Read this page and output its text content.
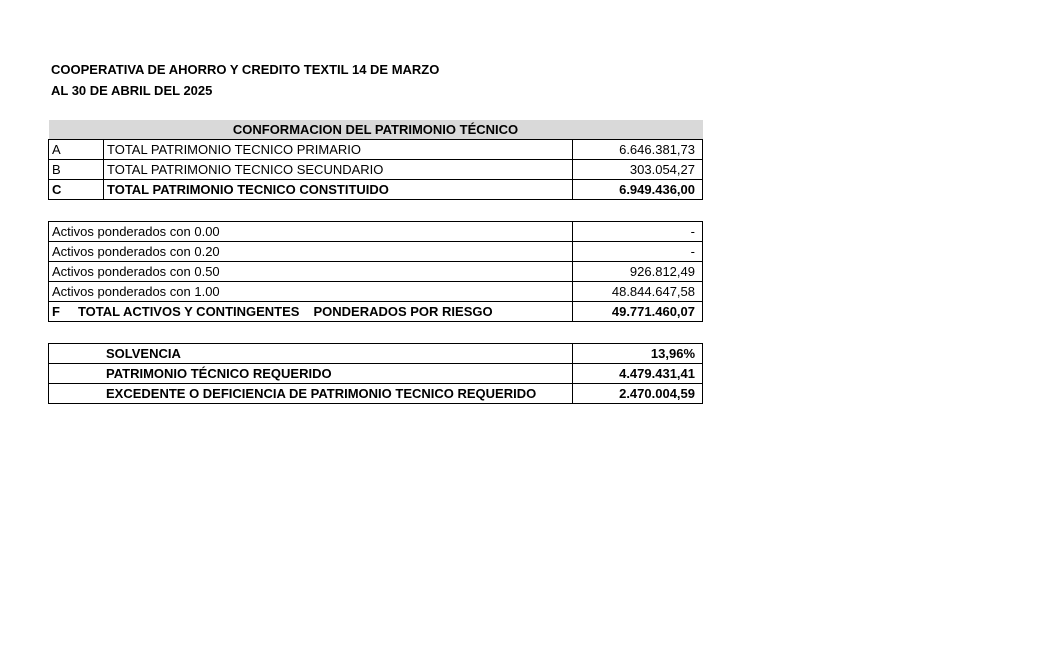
COOPERATIVA DE AHORRO Y CREDITO TEXTIL 14 DE MARZO
AL 30 DE ABRIL DEL 2025
CONFORMACION DEL PATRIMONIO TÉCNICO		
A	TOTAL PATRIMONIO TECNICO PRIMARIO	6.646.381,73
B	TOTAL PATRIMONIO TECNICO SECUNDARIO	303.054,27
C	TOTAL PATRIMONIO TECNICO CONSTITUIDO	6.949.436,00
Activos ponderados con 0.00	-
Activos ponderados con 0.20	-
Activos ponderados con 0.50	926.812,49
Activos ponderados con 1.00	48.844.647,58
F TOTAL ACTIVOS Y CONTINGENTES PONDERADOS POR RIESGO	49.771.460,07
SOLVENCIA	13,96%
PATRIMONIO TÉCNICO REQUERIDO	4.479.431,41
EXCEDENTE O DEFICIENCIA DE PATRIMONIO TECNICO REQUERIDO	2.470.004,59
